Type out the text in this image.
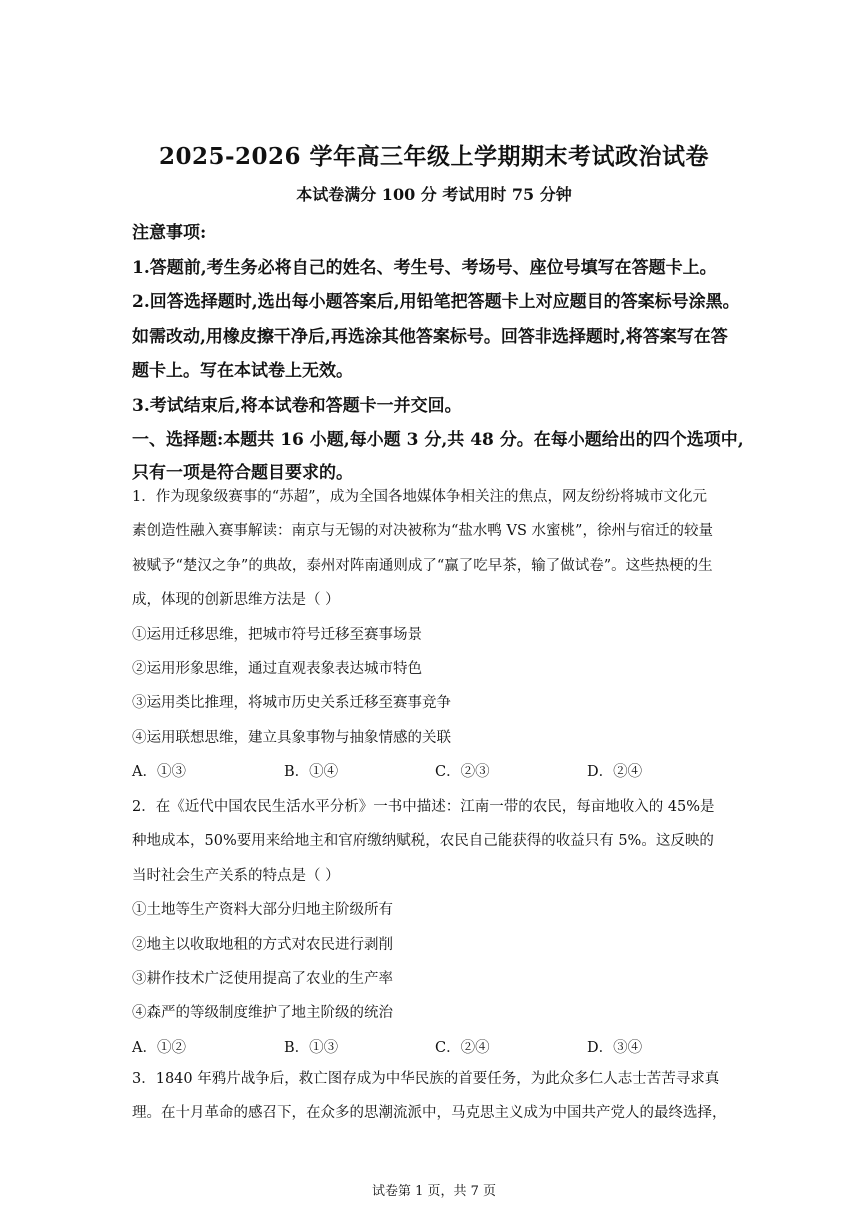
2025-2026 学年高三年级上学期期末考试政治试卷
本试卷满分 100 分 考试用时 75 分钟

注意事项:

1.答题前,考生务必将自己的姓名、考生号、考场号、座位号填写在答题卡上。

2.回答选择题时,选出每小题答案后,用铅笔把答题卡上对应题目的答案标号涂黑。

如需改动,用橡皮擦干净后,再选涂其他答案标号。回答非选择题时,将答案写在答

题卡上。写在本试卷上无效。

3.考试结束后,将本试卷和答题卡一并交回。

一、选择题:本题共 16 小题,每小题 3 分,共 48 分。在每小题给出的四个选项中,

只有一项是符合题目要求的。

1．作为现象级赛事的“苏超”，成为全国各地媒体争相关注的焦点，网友纷纷将城市文化元

素创造性融入赛事解读：南京与无锡的对决被称为“盐水鸭 VS 水蜜桃”，徐州与宿迁的较量

被赋予“楚汉之争”的典故，泰州对阵南通则成了“赢了吃早茶，输了做试卷”。这些热梗的生

成，体现的创新思维方法是（ ）

①运用迁移思维，把城市符号迁移至赛事场景

②运用形象思维，通过直观表象表达城市特色

③运用类比推理，将城市历史关系迁移至赛事竞争

④运用联想思维，建立具象事物与抽象情感的关联

A．①③	B．①④	C．②③	D．②④

2．在《近代中国农民生活水平分析》一书中描述：江南一带的农民，每亩地收入的 45%是

种地成本，50%要用来给地主和官府缴纳赋税，农民自己能获得的收益只有 5%。这反映的

当时社会生产关系的特点是（ ）

①土地等生产资料大部分归地主阶级所有

②地主以收取地租的方式对农民进行剥削

③耕作技术广泛使用提高了农业的生产率

④森严的等级制度维护了地主阶级的统治

A．①②	B．①③	C．②④	D．③④

3．1840 年鸦片战争后，救亡图存成为中华民族的首要任务，为此众多仁人志士苦苦寻求真

理。在十月革命的感召下，在众多的思潮流派中，马克思主义成为中国共产党人的最终选择，

试卷第 1 页，共 7 页
